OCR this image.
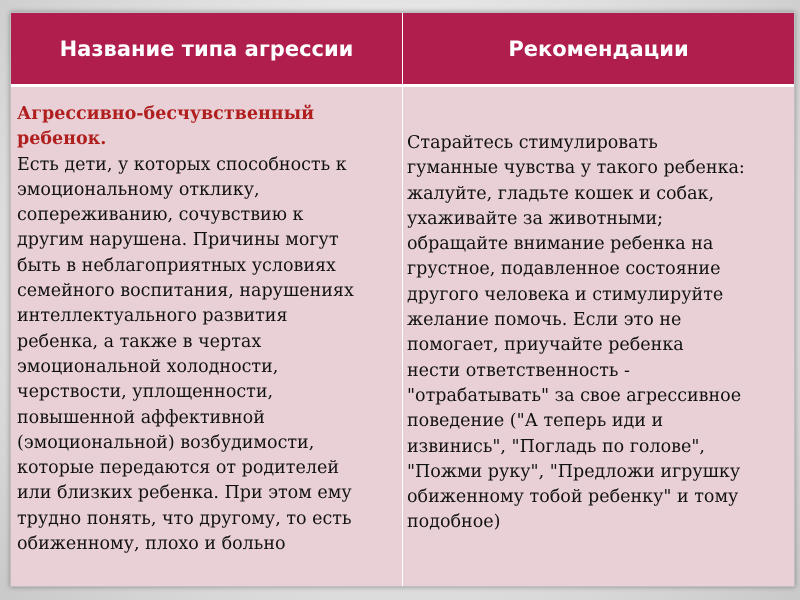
Название типа агрессии	Рекомендации
Агрессивно-бесчувственный
ребенок.
Есть дети, у которых способность к
эмоциональному отклику,
сопереживанию, сочувствию к
другим нарушена. Причины могут
быть в неблагоприятных условиях
семейного воспитания, нарушениях
интеллектуального развития
ребенка, а также в чертах
эмоциональной холодности,
черствости, уплощенности,
повышенной аффективной
(эмоциональной) возбудимости,
которые передаются от родителей
или близких ребенка. При этом ему
трудно понять, что другому, то есть
обиженному, плохо и больно
Старайтесь стимулировать
гуманные чувства у такого ребенка:
жалуйте, гладьте кошек и собак,
ухаживайте за животными;
обращайте внимание ребенка на
грустное, подавленное состояние
другого человека и стимулируйте
желание помочь. Если это не
помогает, приучайте ребенка
нести ответственность -
"отрабатывать" за свое агрессивное
поведение ("А теперь иди и
извинись", "Погладь по голове",
"Пожми руку", "Предложи игрушку
обиженному тобой ребенку" и тому
подобное)
